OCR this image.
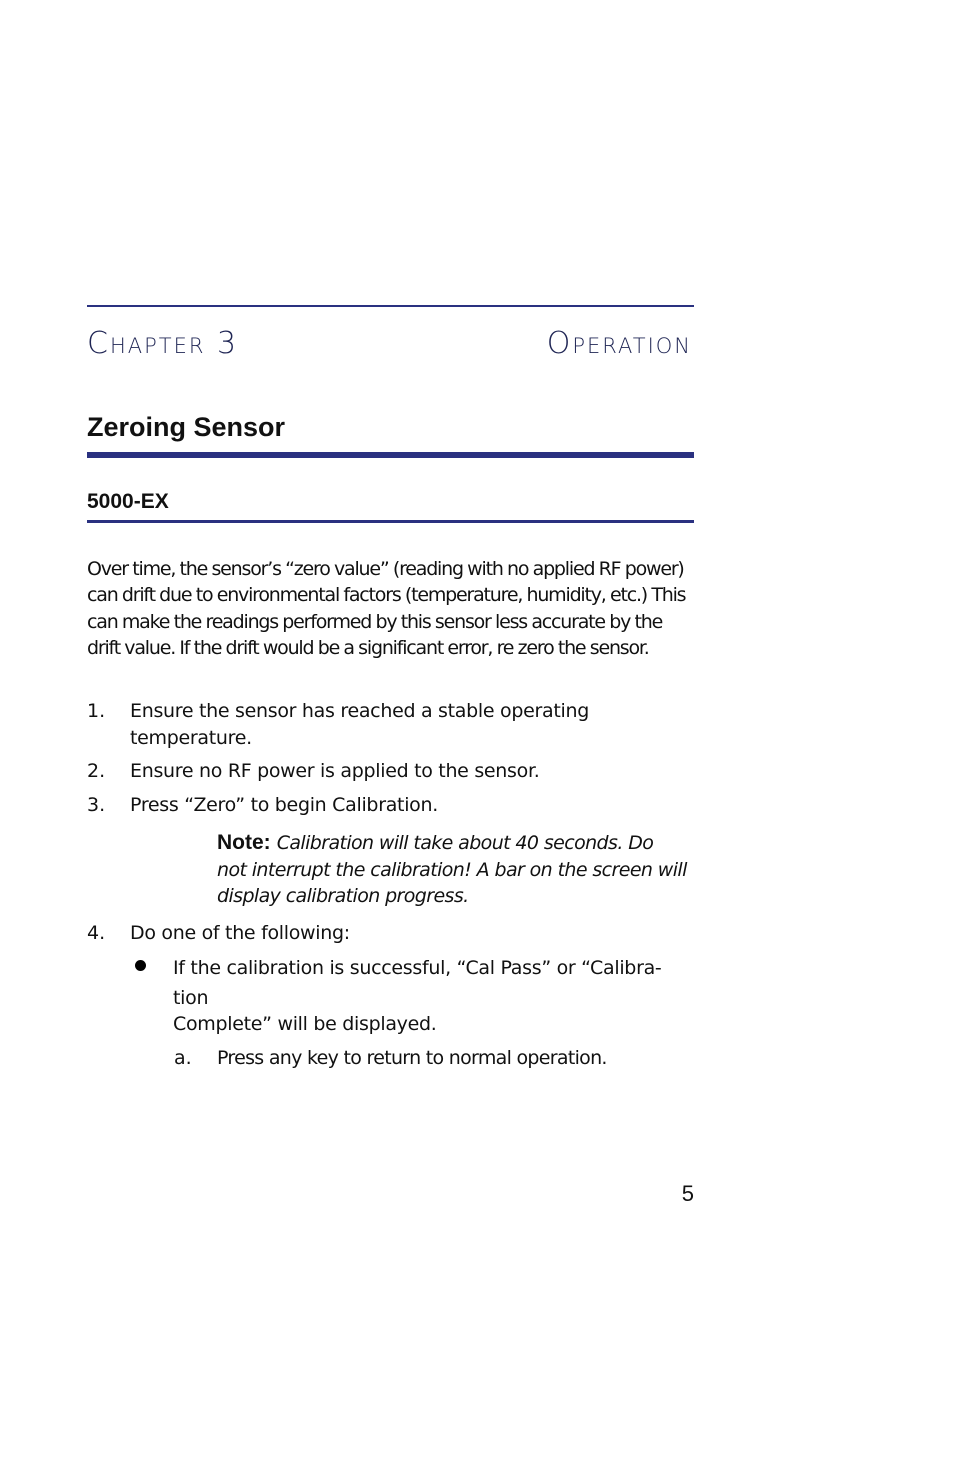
Chapter 3	Operation
Zeroing Sensor
5000-EX

Over time, the sensor’s “zero value” (reading with no applied RF power) can drift due to environmental factors (temperature, humidity, etc.) This can make the readings performed by this sensor less accurate by the drift value. If the drift would be a significant error, re zero the sensor.

1. Ensure the sensor has reached a stable operating temperature.
2. Ensure no RF power is applied to the sensor.
3. Press “Zero” to begin Calibration.
Note: Calibration will take about 40 seconds. Do not interrupt the calibration! A bar on the screen will display calibration progress.
4. Do one of the following:
If the calibration is successful, “Cal Pass” or “Calibra-
tion
Complete” will be displayed.
a. Press any key to return to normal operation.
5
